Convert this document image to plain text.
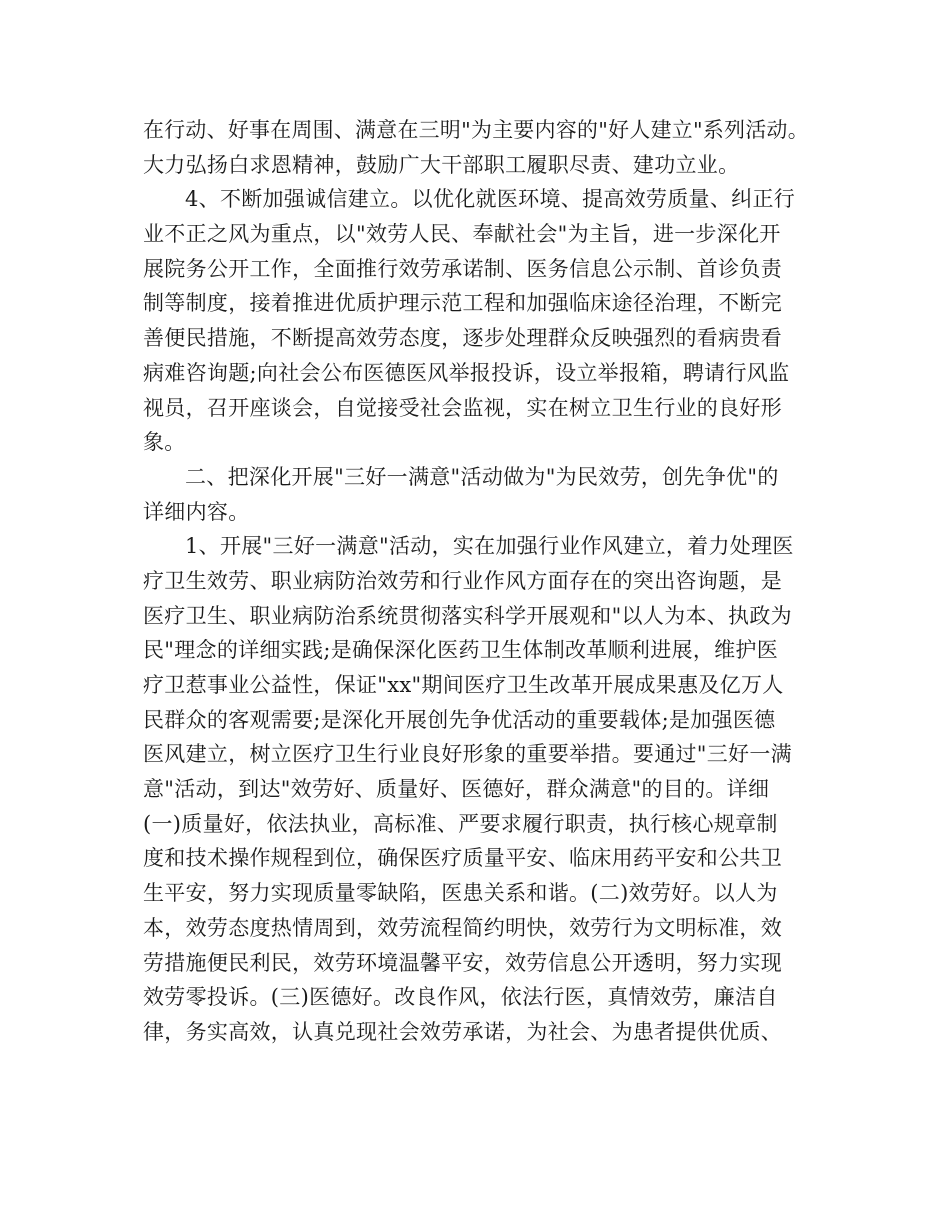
在行动、好事在周围、满意在三明"为主要内容的"好人建立"系列活动。
大力弘扬白求恩精神，鼓励广大干部职工履职尽责、建功立业。
4、不断加强诚信建立。以优化就医环境、提高效劳质量、纠正行
业不正之风为重点，以"效劳人民、奉献社会"为主旨，进一步深化开
展院务公开工作，全面推行效劳承诺制、医务信息公示制、首诊负责
制等制度，接着推进优质护理示范工程和加强临床途径治理，不断完
善便民措施，不断提高效劳态度，逐步处理群众反映强烈的看病贵看
病难咨询题;向社会公布医德医风举报投诉，设立举报箱，聘请行风监
视员，召开座谈会，自觉接受社会监视，实在树立卫生行业的良好形
象。
二、把深化开展"三好一满意"活动做为"为民效劳，创先争优"的
详细内容。
1、开展"三好一满意"活动，实在加强行业作风建立，着力处理医
疗卫生效劳、职业病防治效劳和行业作风方面存在的突出咨询题，是
医疗卫生、职业病防治系统贯彻落实科学开展观和"以人为本、执政为
民"理念的详细实践;是确保深化医药卫生体制改革顺利进展，维护医
疗卫惹事业公益性，保证"xx"期间医疗卫生改革开展成果惠及亿万人
民群众的客观需要;是深化开展创先争优活动的重要载体;是加强医德
医风建立，树立医疗卫生行业良好形象的重要举措。要通过"三好一满
意"活动，到达"效劳好、质量好、医德好，群众满意"的目的。详细
(一)质量好，依法执业，高标准、严要求履行职责，执行核心规章制
度和技术操作规程到位，确保医疗质量平安、临床用药平安和公共卫
生平安，努力实现质量零缺陷，医患关系和谐。(二)效劳好。以人为
本，效劳态度热情周到，效劳流程简约明快，效劳行为文明标准，效
劳措施便民利民，效劳环境温馨平安，效劳信息公开透明，努力实现
效劳零投诉。(三)医德好。改良作风，依法行医，真情效劳，廉洁自
律，务实高效，认真兑现社会效劳承诺，为社会、为患者提供优质、
